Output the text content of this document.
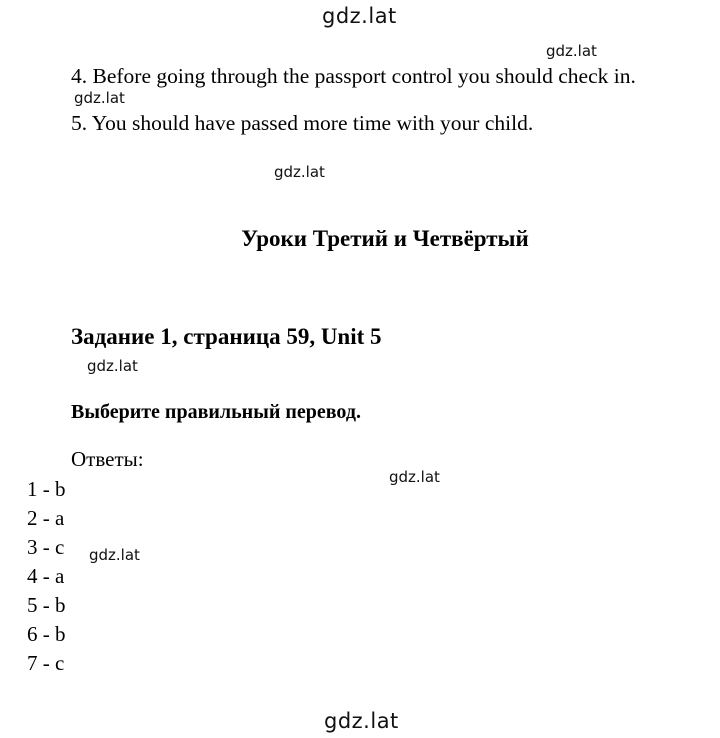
gdz.lat
gdz.lat
gdz.lat
gdz.lat
gdz.lat
gdz.lat
gdz.lat
gdz.lat
4. Before going through the passport control you should check in.
5. You should have passed more time with your child.
Уроки Третий и Четвёртый
Задание 1, страница 59, Unit 5
Выберите правильный перевод.
Ответы:
1 - b
2 - a
3 - c
4 - a
5 - b
6 - b
7 - c
